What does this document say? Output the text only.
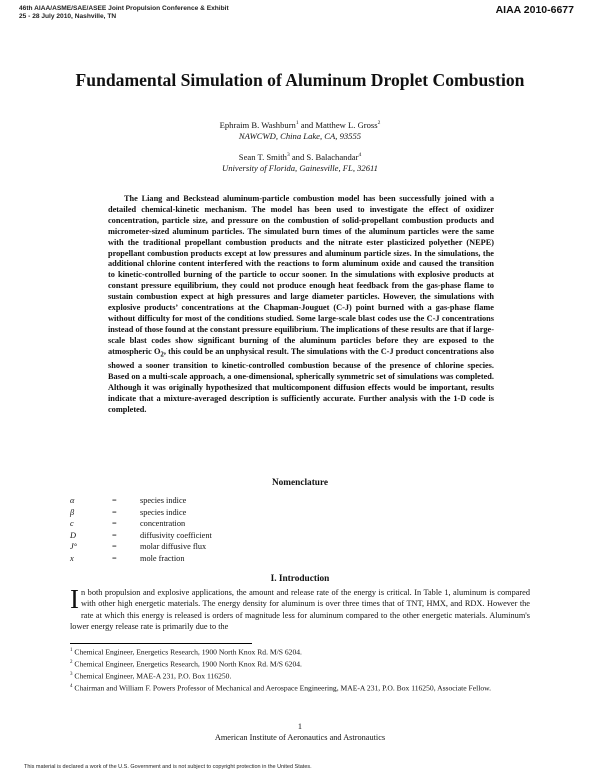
46th AIAA/ASME/SAE/ASEE Joint Propulsion Conference & Exhibit
25 - 28 July 2010, Nashville, TN
AIAA 2010-6677
Fundamental Simulation of Aluminum Droplet Combustion
Ephraim B. Washburn$^1$ and Matthew L. Gross$^2$
NAWCWD, China Lake, CA, 93555
Sean T. Smith$^3$ and S. Balachandar$^4$
University of Florida, Gainesville, FL, 32611

The Liang and Beckstead aluminum-particle combustion model has been successfully joined with a detailed chemical-kinetic mechanism. The model has been used to investigate the effect of oxidizer concentration, particle size, and pressure on the combustion of solid-propellant combustion products and micrometer-sized aluminum particles. The simulated burn times of the aluminum particles were the same with the traditional propellant combustion products and the nitrate ester plasticized polyether (NEPE) propellant combustion products except at low pressures and aluminum particle sizes. In the simulations, the additional chlorine content interfered with the reactions to form aluminum oxide and caused the transition to kinetic-controlled burning of the particle to occur sooner. In the simulations with explosive products at constant pressure equilibrium, they could not produce enough heat feedback from the gas-phase flame to sustain combustion expect at high pressures and large diameter particles. However, the simulations with explosive products’ concentrations at the Chapman-Jouguet (C-J) point burned with a gas-phase flame without difficulty for most of the conditions studied. Some large-scale blast codes use the C-J concentrations instead of those found at the constant pressure equilibrium. The implications of these results are that if large-scale blast codes show significant burning of the aluminum particles before they are exposed to the atmospheric $O_2$, this could be an unphysical result. The simulations with the C-J product concentrations also showed a sooner transition to kinetic-controlled combustion because of the presence of chlorine species. Based on a multi-scale approach, a one-dimensional, spherically symmetric set of simulations was completed. Although it was originally hypothesized that multicomponent diffusion effects would be important, results indicate that a mixture-averaged description is sufficiently accurate. Further analysis with the 1-D code is completed.

Nomenclature
α	=	species indice
β	=	species indice
c	=	concentration
D	=	diffusivity coefficient
J°	=	molar diffusive flux
x	=	mole fraction
I. Introduction
In both propulsion and explosive applications, the amount and release rate of the energy is critical. In Table 1, aluminum is compared with other high energetic materials. The energy density for aluminum is over three times that of TNT, HMX, and RDX. However the rate at which this energy is released is orders of magnitude less for aluminum compared to the other energetic materials. Aluminum's lower energy release rate is primarily due to the

$^1$ Chemical Engineer, Energetics Research, 1900 North Knox Rd. M/S 6204.

$^2$ Chemical Engineer, Energetics Research, 1900 North Knox Rd. M/S 6204.

$^3$ Chemical Engineer, MAE-A 231, P.O. Box 116250.

$^4$ Chairman and William F. Powers Professor of Mechanical and Aerospace Engineering, MAE-A 231, P.O. Box 116250, Associate Fellow.

1
American Institute of Aeronautics and Astronautics
This material is declared a work of the U.S. Government and is not subject to copyright protection in the United States.
